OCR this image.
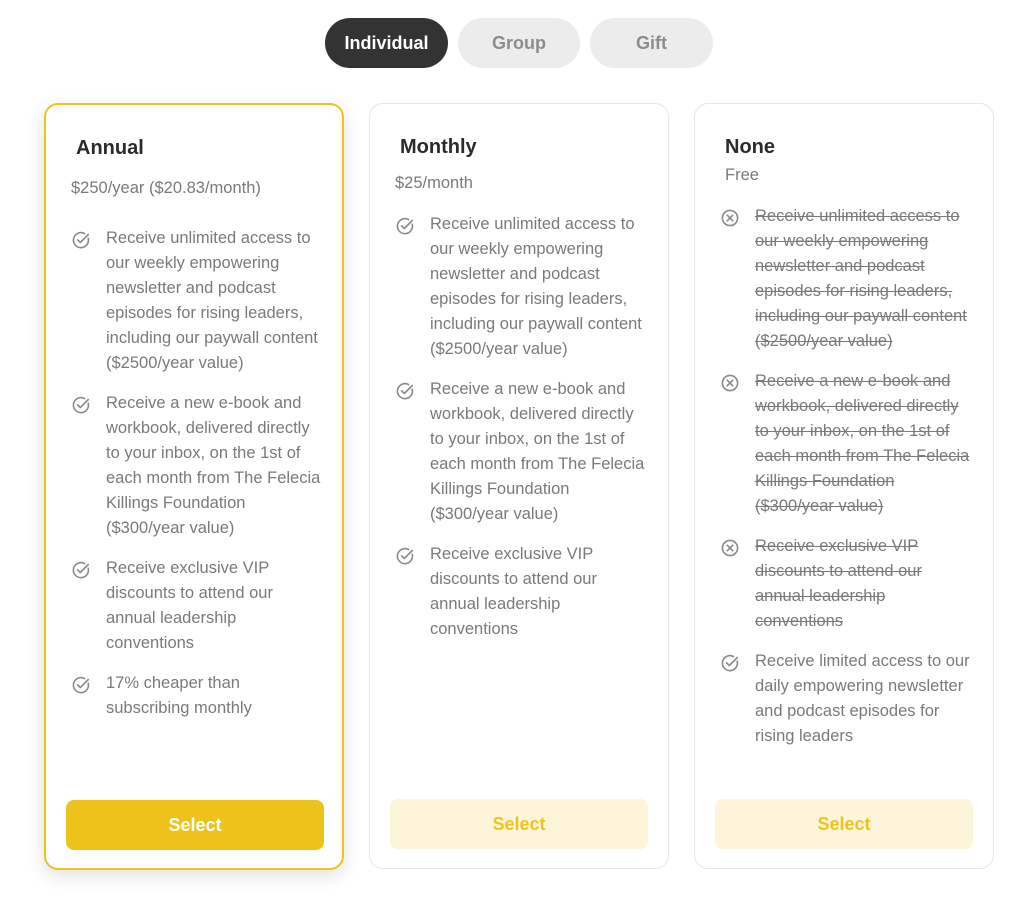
Individual	Group	Gift
Annual
$250/year ($20.83/month)
Receive unlimited access to our weekly empowering newsletter and podcast episodes for rising leaders, including our paywall content ($2500/year value)
Receive a new e-book and workbook, delivered directly to your inbox, on the 1st of each month from The Felecia Killings Foundation ($300/year value)
Receive exclusive VIP discounts to attend our annual leadership conventions
17% cheaper than subscribing monthly
Select
Monthly
$25/month
Receive unlimited access to our weekly empowering newsletter and podcast episodes for rising leaders, including our paywall content ($2500/year value)
Receive a new e-book and workbook, delivered directly to your inbox, on the 1st of each month from The Felecia Killings Foundation ($300/year value)
Receive exclusive VIP discounts to attend our annual leadership conventions
Select
None
Free
Receive unlimited access to our weekly empowering newsletter and podcast episodes for rising leaders, including our paywall content ($2500/year value)
Receive a new e-book and workbook, delivered directly to your inbox, on the 1st of each month from The Felecia Killings Foundation ($300/year value)
Receive exclusive VIP discounts to attend our annual leadership conventions
Receive limited access to our daily empowering newsletter and podcast episodes for rising leaders
Select
